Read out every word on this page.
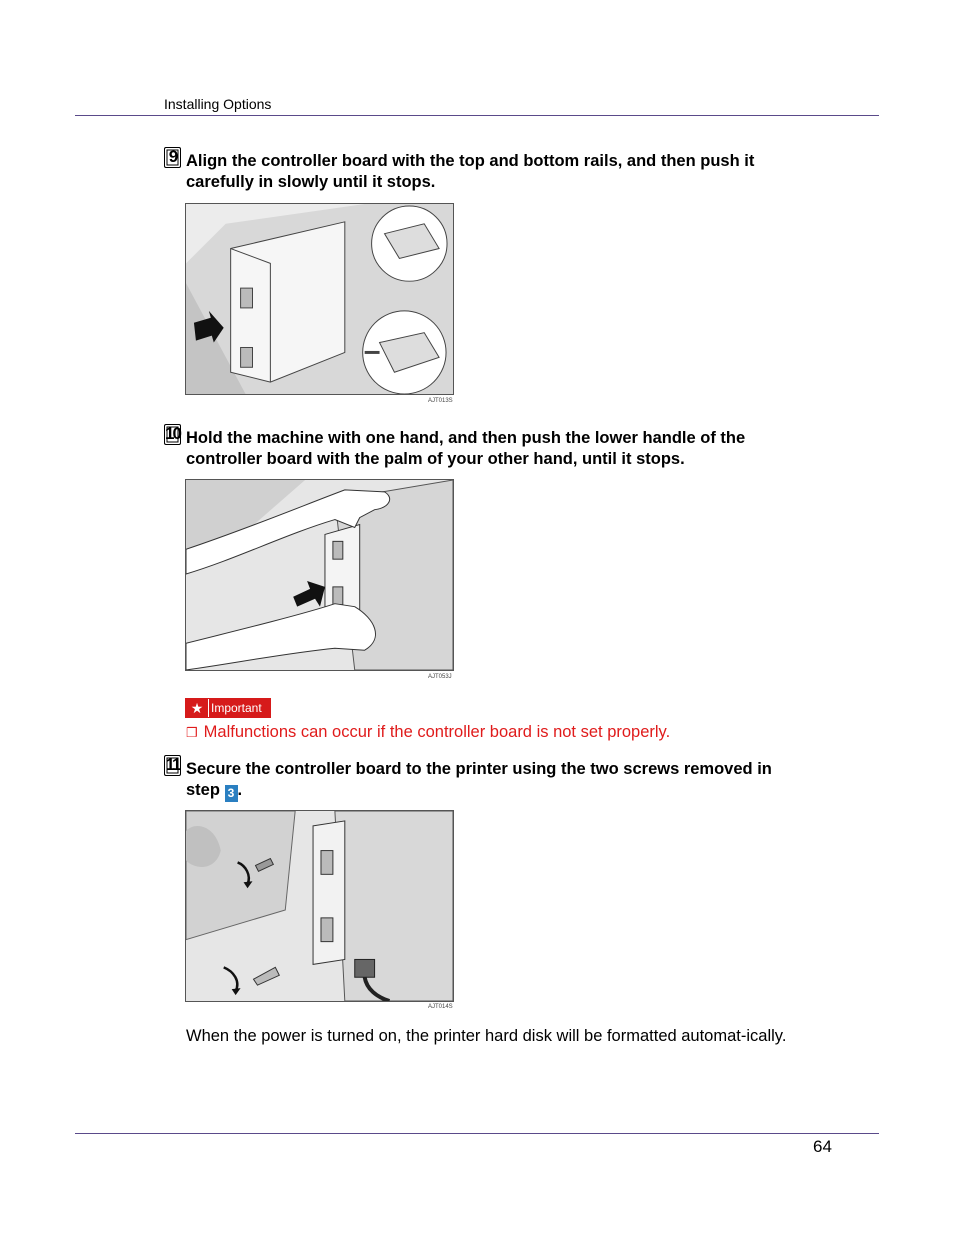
Installing Options
9 Align the controller board with the top and bottom rails, and then push it carefully in slowly until it stops.
AJT013S
10 Hold the machine with one hand, and then push the lower handle of the controller board with the palm of your other hand, until it stops.
AJT053J
★ Important
❒ Malfunctions can occur if the controller board is not set properly.
11 Secure the controller board to the printer using the two screws removed in step 3 .
AJT014S
When the power is turned on, the printer hard disk will be formatted automat-ically.
64
